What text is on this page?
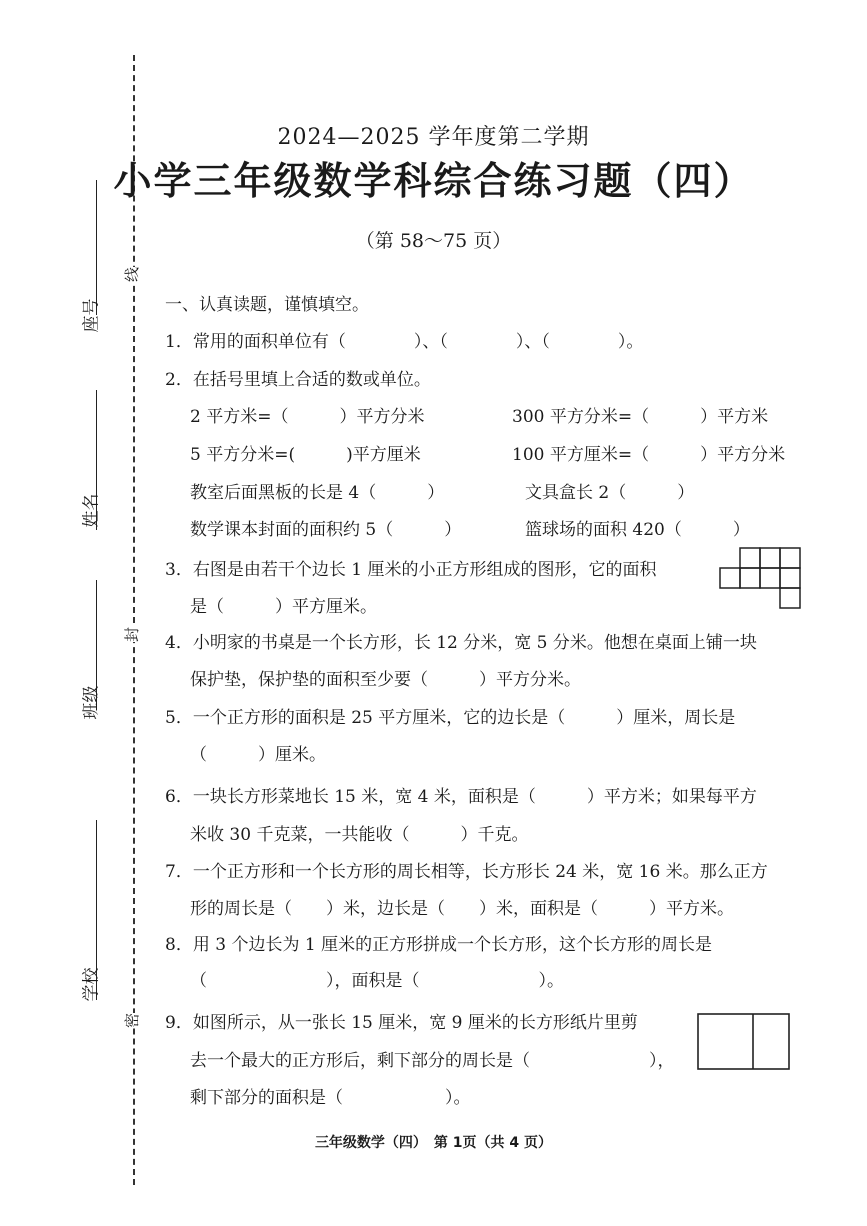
座号
姓名
班级
学校
线
封
密
2024—2025 学年度第二学期
小学三年级数学科综合练习题（四）
（第 58～75 页）
一、认真读题，谨慎填空。
1．常用的面积单位有（　　　　）、（　　　　）、（　　　　）。
2．在括号里填上合适的数或单位。
2 平方米=（　　　）平方分米	300 平方分米=（　　　）平方米
5 平方分米=(　　　)平方厘米	100 平方厘米=（　　　）平方分米
教室后面黑板的长是 4（　　　）	文具盒长 2（　　　）
数学课本封面的面积约 5（　　　）	篮球场的面积 420（　　　）
3．右图是由若干个边长 1 厘米的小正方形组成的图形，它的面积
是（　　　）平方厘米。
4．小明家的书桌是一个长方形，长 12 分米，宽 5 分米。他想在桌面上铺一块
保护垫，保护垫的面积至少要（　　　）平方分米。
5．一个正方形的面积是 25 平方厘米，它的边长是（　　　）厘米，周长是
（　　　）厘米。
6．一块长方形菜地长 15 米，宽 4 米，面积是（　　　）平方米；如果每平方
米收 30 千克菜，一共能收（　　　）千克。
7．一个正方形和一个长方形的周长相等，长方形长 24 米，宽 16 米。那么正方
形的周长是（　　）米，边长是（　　）米，面积是（　　　）平方米。
8．用 3 个边长为 1 厘米的正方形拼成一个长方形，这个长方形的周长是
（　　　　　　　），面积是（　　　　　　　）。
9．如图所示，从一张长 15 厘米，宽 9 厘米的长方形纸片里剪
去一个最大的正方形后，剩下部分的周长是（　　　　　　　），
剩下部分的面积是（　　　　　　）。
三年级数学（四）　第 1页（共 4 页）
